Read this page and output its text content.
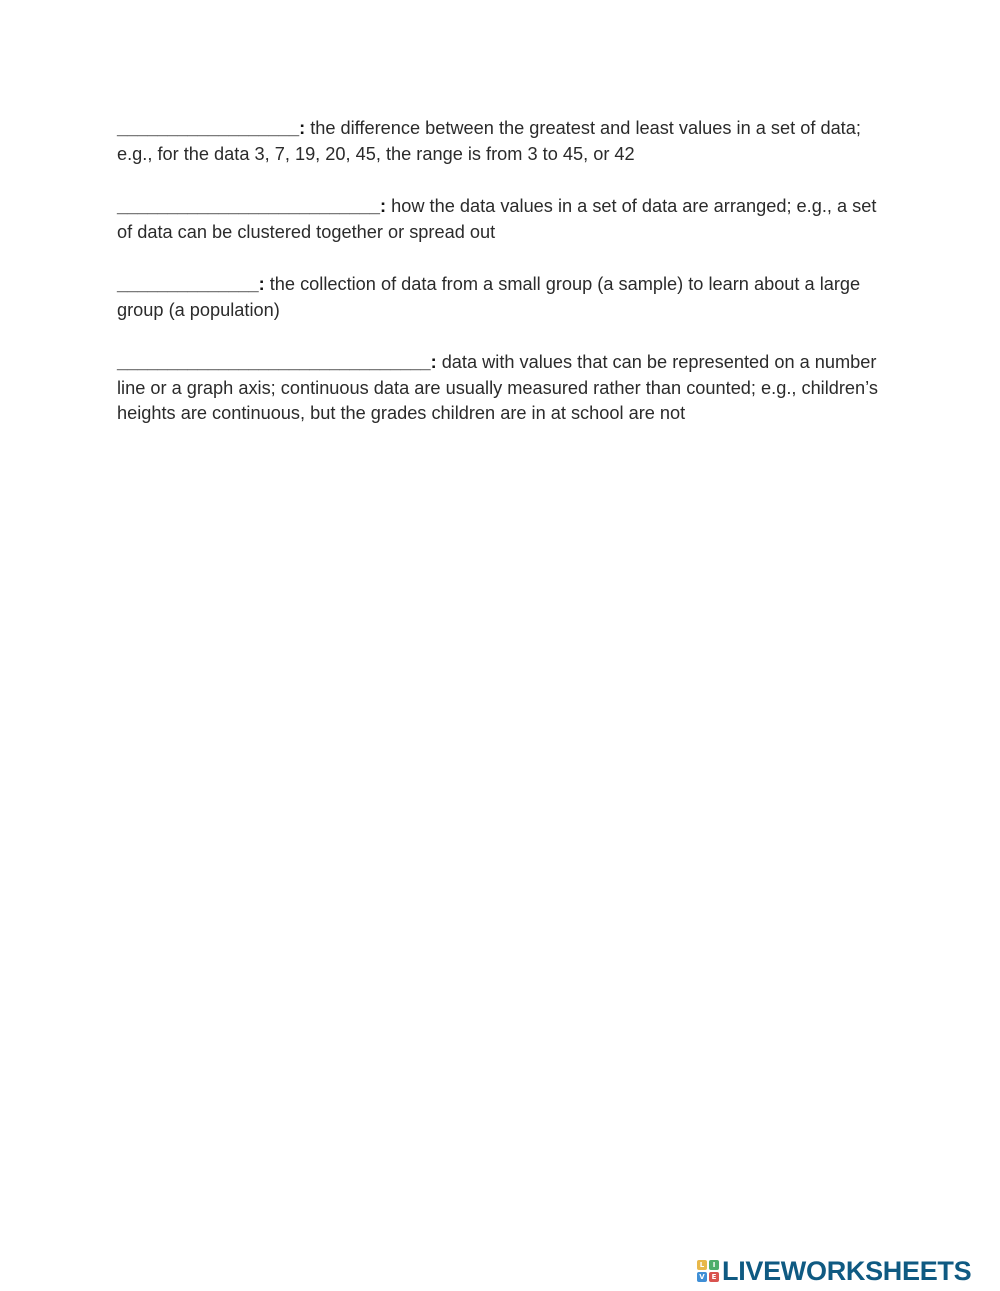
__________________: the difference between the greatest and least values in a set of data; e.g., for the data 3, 7, 19, 20, 45, the range is from 3 to 45, or 42

__________________________: how the data values in a set of data are arranged; e.g., a set of data can be clustered together or spread out

______________: the collection of data from a small group (a sample) to learn about a large group (a population)

_______________________________: data with values that can be represented on a number line or a graph axis; continuous data are usually measured rather than counted; e.g., children’s heights are continuous, but the grades children are in at school are not

L	I
V E LIVEWORKSHEETS
